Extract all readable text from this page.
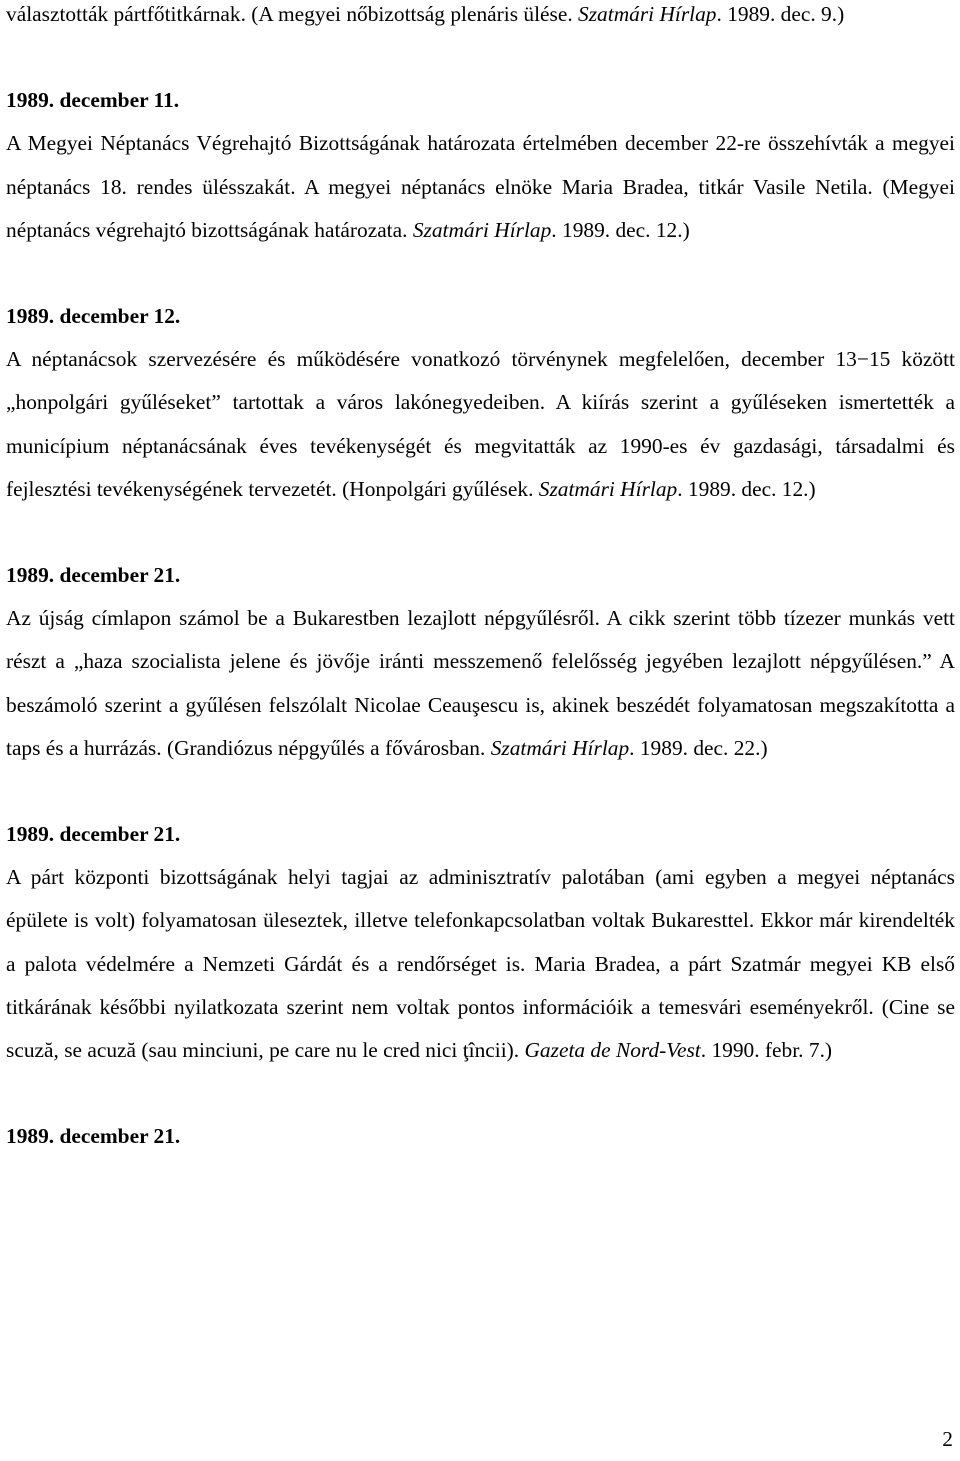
választották pártfőtitkárnak. (A megyei nőbizottság plenáris ülése. Szatmári Hírlap. 1989. dec. 9.)

1989. december 11.

A Megyei Néptanács Végrehajtó Bizottságának határozata értelmében december 22-re összehívták a megyei néptanács 18. rendes ülésszakát. A megyei néptanács elnöke Maria Bradea, titkár Vasile Netila. (Megyei néptanács végrehajtó bizottságának határozata. Szatmári Hírlap. 1989. dec. 12.)

1989. december 12.

A néptanácsok szervezésére és működésére vonatkozó törvénynek megfelelően, december 13−15 között „honpolgári gyűléseket” tartottak a város lakónegyedeiben. A kiírás szerint a gyűléseken ismertették a municípium néptanácsának éves tevékenységét és megvitatták az 1990-es év gazdasági, társadalmi és fejlesztési tevékenységének tervezetét. (Honpolgári gyűlések. Szatmári Hírlap. 1989. dec. 12.)

1989. december 21.

Az újság címlapon számol be a Bukarestben lezajlott népgyűlésről. A cikk szerint több tízezer munkás vett részt a „haza szocialista jelene és jövője iránti messzemenő felelősség jegyében lezajlott népgyűlésen.” A beszámoló szerint a gyűlésen felszólalt Nicolae Ceauşescu is, akinek beszédét folyamatosan megszakította a taps és a hurrázás. (Grandiózus népgyűlés a fővárosban. Szatmári Hírlap. 1989. dec. 22.)

1989. december 21.

A párt központi bizottságának helyi tagjai az adminisztratív palotában (ami egyben a megyei néptanács épülete is volt) folyamatosan üleseztek, illetve telefonkapcsolatban voltak Bukaresttel. Ekkor már kirendelték a palota védelmére a Nemzeti Gárdát és a rendőrséget is. Maria Bradea, a párt Szatmár megyei KB első titkárának későbbi nyilatkozata szerint nem voltak pontos információik a temesvári eseményekről. (Cine se scuză, se acuză (sau minciuni, pe care nu le cred nici ţîncii). Gazeta de Nord-Vest. 1990. febr. 7.)

1989. december 21.
2
